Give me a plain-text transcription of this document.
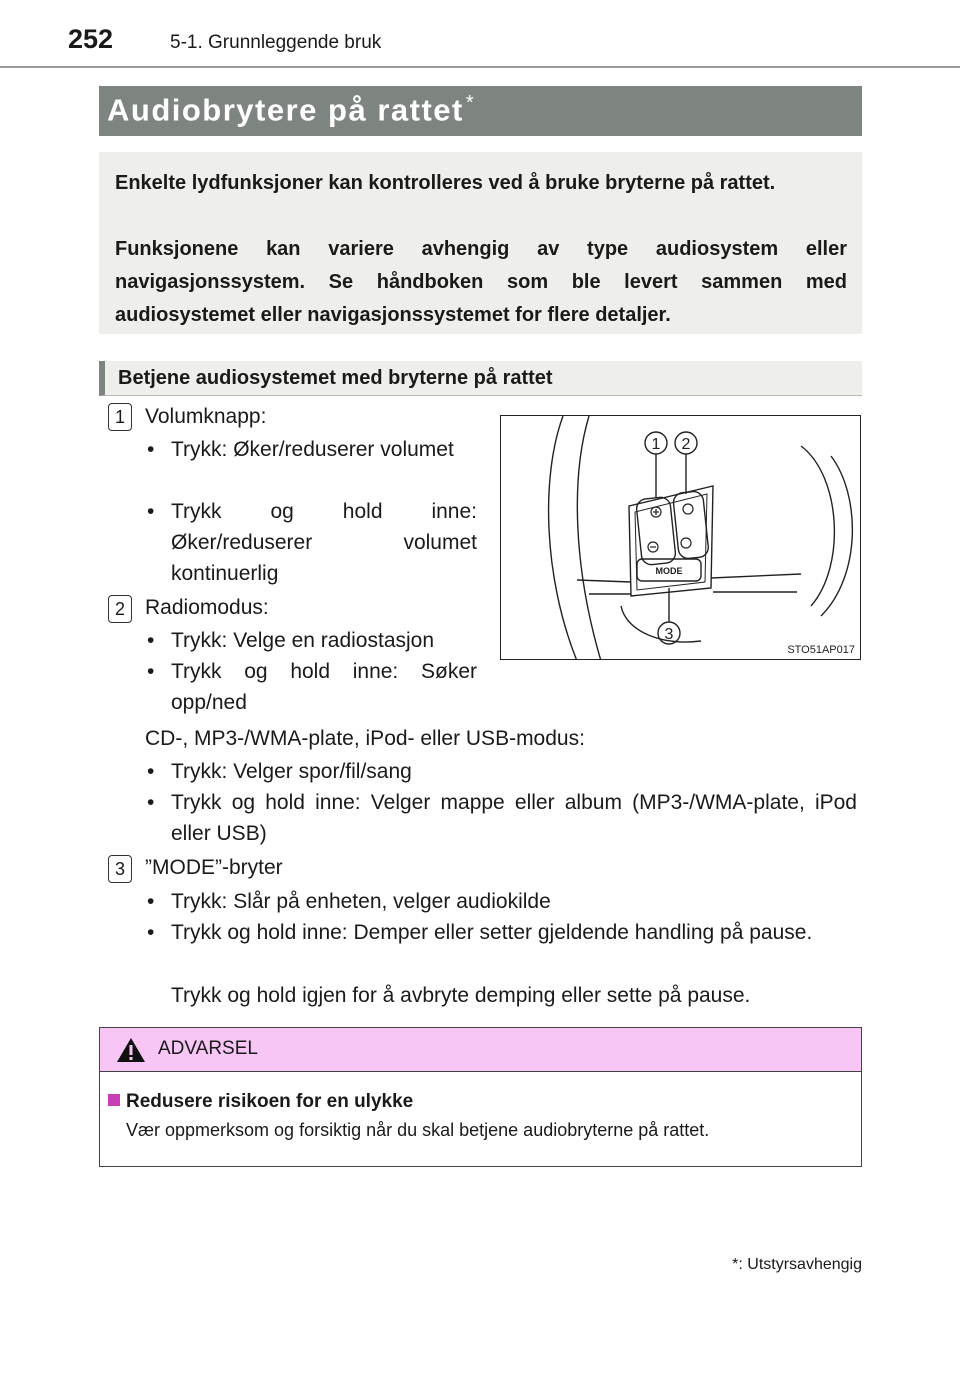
252	5-1. Grunnleggende bruk
Audiobrytere på rattet *

Enkelte lydfunksjoner kan kontrolleres ved å bruke bryterne på rattet.

Funksjonene kan variere avhengig av type audiosystem eller navigasjonssystem. Se håndboken som ble levert sammen med audiosystemet eller navigasjonssystemet for flere detaljer.

Betjene audiosystemet med bryterne på rattet
1 Volumknapp:
• Trykk: Øker/reduserer volumet
• Trykk og hold inne: Øker/reduserer volumet kontinuerlig
2 Radiomodus:
• Trykk: Velge en radiostasjon
• Trykk og hold inne: Søker opp/ned
CD-, MP3-/WMA-plate, iPod- eller USB-modus:
• Trykk: Velger spor/fil/sang
• Trykk og hold inne: Velger mappe eller album (MP3-/WMA-plate, iPod eller USB)
3 ”MODE”-bryter
• Trykk: Slår på enheten, velger audiokilde
• Trykk og hold inne: Demper eller setter gjeldende handling på pause.
Trykk og hold igjen for å avbryte demping eller sette på pause.
1 2
3
MODE
STO51AP017
ADVARSEL
Redusere risikoen for en ulykke
Vær oppmerksom og forsiktig når du skal betjene audiobryterne på rattet.
*: Utstyrsavhengig
